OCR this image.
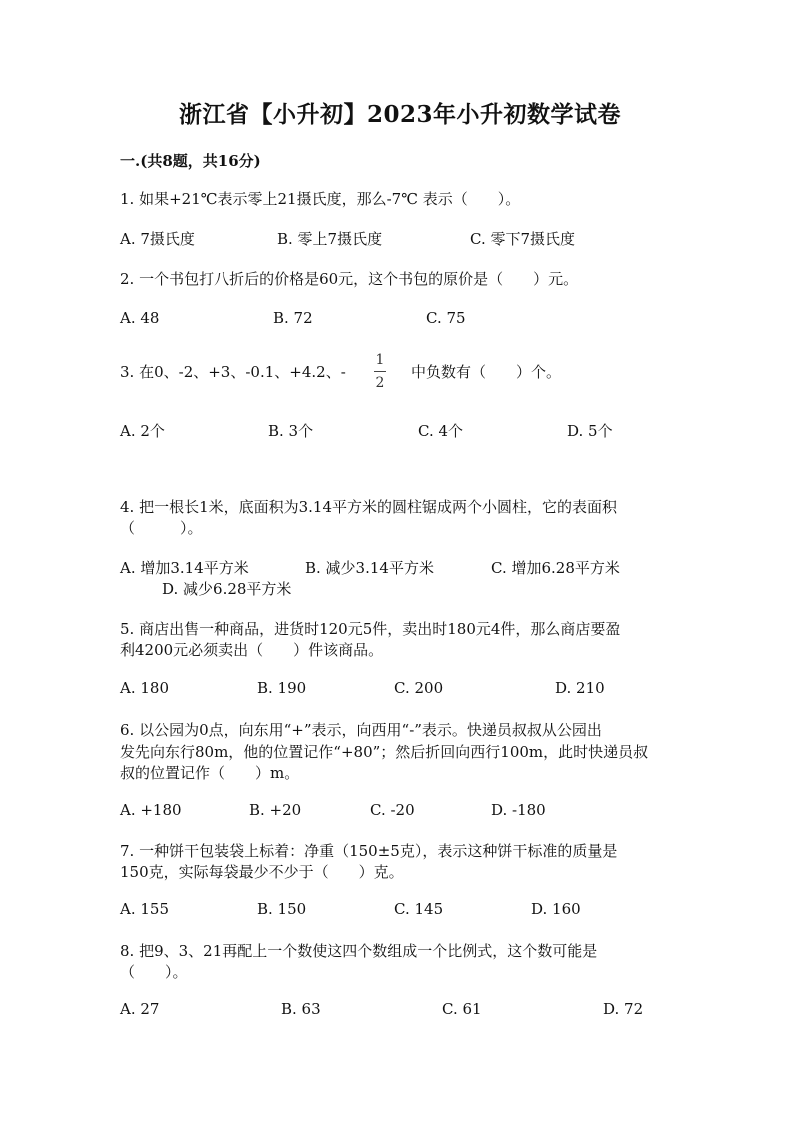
浙江省【小升初】2023年小升初数学试卷
一.(共8题，共16分)
1. 如果+21℃表示零上21摄氏度，那么-7℃ 表示（　　）。
A. 7摄氏度	B. 零上7摄氏度	C. 零下7摄氏度
2. 一个书包打八折后的价格是60元，这个书包的原价是（　　）元。
A. 48	B. 72	C. 75
3. 在0、-2、+3、-0.1、+4.2、-
1
2
中负数有（　　）个。
A. 2个	B. 3个	C. 4个	D. 5个
4. 把一根长1米，底面积为3.14平方米的圆柱锯成两个小圆柱，它的表面积
（　　　）。
A. 增加3.14平方米	B. 减少3.14平方米	C. 增加6.28平方米
D. 减少6.28平方米
5. 商店出售一种商品，进货时120元5件，卖出时180元4件，那么商店要盈
利4200元必须卖出（　　）件该商品。
A. 180	B. 190	C. 200	D. 210
6. 以公园为0点，向东用“+”表示，向西用“-”表示。快递员叔叔从公园出
发先向东行80m，他的位置记作“+80”；然后折回向西行100m，此时快递员叔
叔的位置记作（　　）m。
A. +180	B. +20	C. -20	D. -180
7. 一种饼干包装袋上标着：净重（150±5克），表示这种饼干标准的质量是
150克，实际每袋最少不少于（　　）克。
A. 155	B. 150	C. 145	D. 160
8. 把9、3、21再配上一个数使这四个数组成一个比例式，这个数可能是
（　　）。
A. 27	B. 63	C. 61	D. 72
